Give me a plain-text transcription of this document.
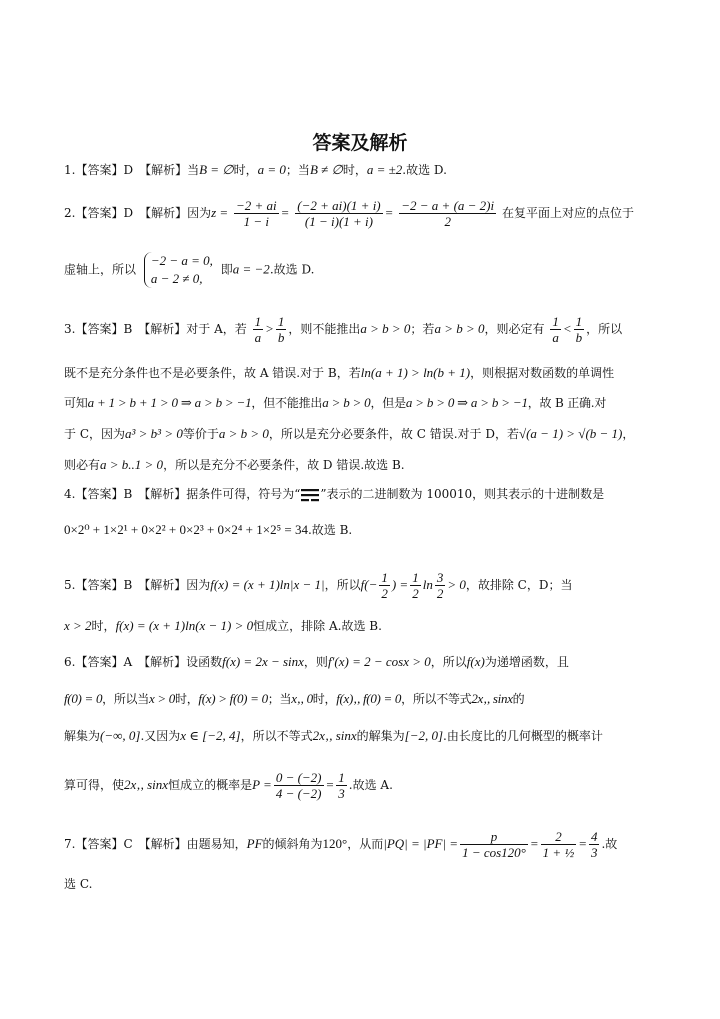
答案及解析
1.【答案】D　【解析】当B = ∅时，a = 0；当B ≠ ∅时，a = ±2.故选 D.
2.【答案】D　【解析】因为$z = \frac{-2 + ai}{1 - i} = \frac{(-2 + ai)(1 + i)}{(1 - i)(1 + i)} = \frac{-2 - a + (a - 2)i}{2}$ 在复平面上对应的点位于
虚轴上，所以
−2 − a = 0,
a − 2 ≠ 0,
即a = −2.故选 D.
3.【答案】B　【解析】对于 A，若 $\frac{1}{a} > \frac{1}{b}$ ，则不能推出a > b > 0；若a > b > 0，则必定有 $\frac{1}{a} < \frac{1}{b}$ ，所以
既不是充分条件也不是必要条件，故 A 错误.对于 B，若ln(a + 1) > ln(b + 1)，则根据对数函数的单调性
可知a + 1 > b + 1 > 0 ⇒ a > b > −1，但不能推出a > b > 0，但是a > b > 0 ⇒ a > b > −1，故 B 正确.对
于 C，因为a³ > b³ > 0等价于a > b > 0，所以是充分必要条件，故 C 错误.对于 D，若√(a − 1) > √(b − 1)，
则必有a > b..1 > 0，所以是充分不必要条件，故 D 错误.故选 B.
4.【答案】B　【解析】据条件可得，符号为“ ”表示的二进制数为 100010，则其表示的十进制数是
0×2⁰ + 1×2¹ + 0×2² + 0×2³ + 0×2⁴ + 1×2⁵ = 34.故选 B.
5.【答案】B　【解析】因为f(x) = (x + 1)ln|x − 1|，所以$f(- \frac{1}{2}$ ) = $\frac{1}{2}$ $\ln \frac{3}{2} > 0$，故排除 C，D；当
x > 2时，f(x) = (x + 1)ln(x − 1) > 0恒成立，排除 A.故选 B.
6.【答案】A　【解析】设函数f(x) = 2x − sinx，则f′(x) = 2 − cosx > 0，所以f(x)为递增函数，且
f(0) = 0，所以当x > 0时，f(x) > f(0) = 0；当x‚, 0时，f(x)‚, f(0) = 0，所以不等式2x‚, sinx的
解集为(−∞, 0].又因为x ∈ [−2, 4]，所以不等式2x‚, sinx的解集为[−2, 0].由长度比的几何概型的概率计
算可得，使2x‚, sinx恒成立的概率是$P = \frac{0 - (-2)}{4 - (-2)} = \frac{1}{3}$ .故选 A.
7.【答案】C　【解析】由题易知，PF的倾斜角为120°，从而$|PQ| = |PF| = \frac{p}{1 - \cos 120^\circ} = \frac{2}{\text{1 + ½}} = \frac{4}{3}$ .故
选 C.
